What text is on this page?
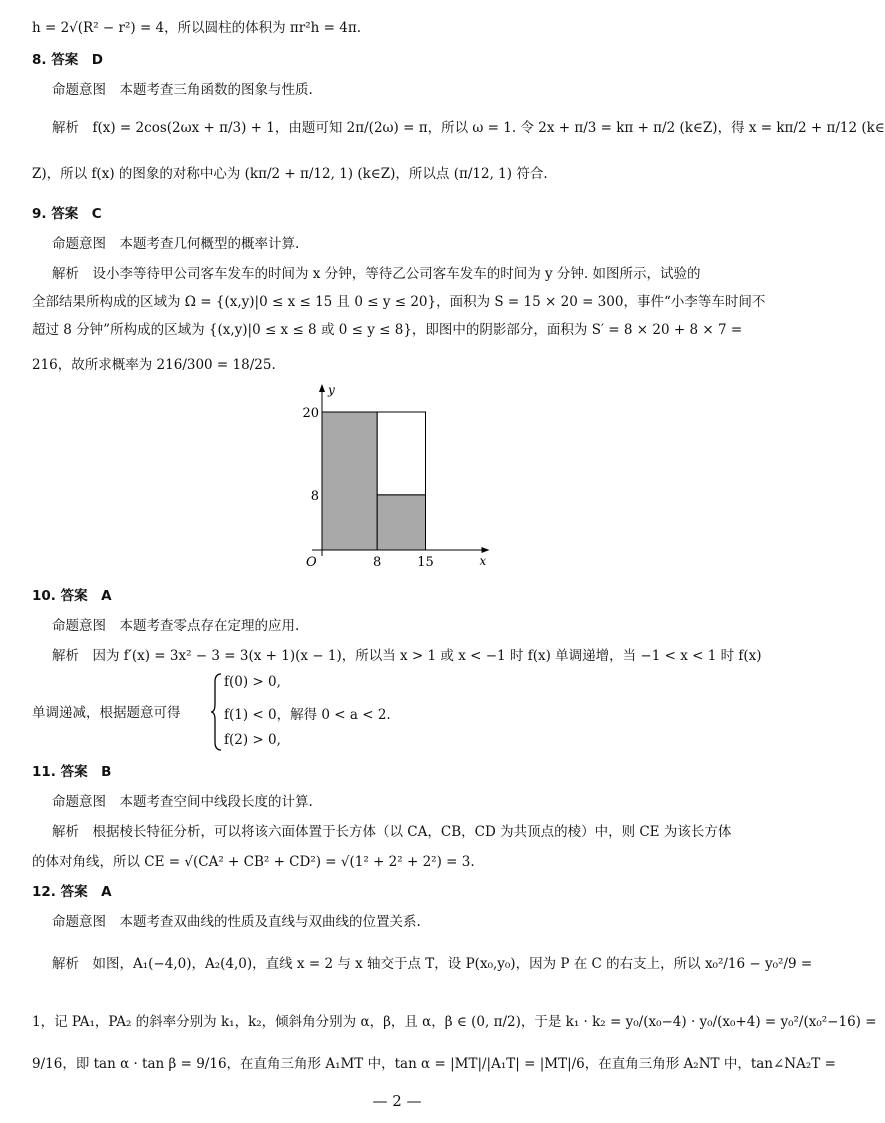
h = 2√(R² − r²) = 4，所以圆柱的体积为 πr²h = 4π.
8. 答案　D
命题意图　本题考查三角函数的图象与性质.
解析　f(x) = 2cos(2ωx + π/3) + 1，由题可知 2π/(2ω) = π，所以 ω = 1. 令 2x + π/3 = kπ + π/2 (k∈Z)，得 x = kπ/2 + π/12 (k∈
Z)，所以 f(x) 的图象的对称中心为 (kπ/2 + π/12, 1) (k∈Z)，所以点 (π/12, 1) 符合.
9. 答案　C
命题意图　本题考查几何概型的概率计算.
解析　设小李等待甲公司客车发车的时间为 x 分钟，等待乙公司客车发车的时间为 y 分钟. 如图所示，试验的
全部结果所构成的区域为 Ω = {(x,y)|0 ≤ x ≤ 15 且 0 ≤ y ≤ 20}，面积为 S = 15 × 20 = 300，事件“小李等车时间不
超过 8 分钟”所构成的区域为 {(x,y)|0 ≤ x ≤ 8 或 0 ≤ y ≤ 8}，即图中的阴影部分，面积为 S′ = 8 × 20 + 8 × 7 =
216，故所求概率为 216/300 = 18/25.
x
y
O	8	15
8
20
10. 答案　A
命题意图　本题考查零点存在定理的应用.
解析　因为 f′(x) = 3x² − 3 = 3(x + 1)(x − 1)，所以当 x > 1 或 x < −1 时 f(x) 单调递增，当 −1 < x < 1 时 f(x)
单调递减，根据题意可得
f(0) > 0,
f(1) < 0，解得 0 < a < 2.
f(2) > 0,
11. 答案　B
命题意图　本题考查空间中线段长度的计算.
解析　根据棱长特征分析，可以将该六面体置于长方体（以 CA，CB，CD 为共顶点的棱）中，则 CE 为该长方体
的体对角线，所以 CE = √(CA² + CB² + CD²) = √(1² + 2² + 2²) = 3.
12. 答案　A
命题意图　本题考查双曲线的性质及直线与双曲线的位置关系.
解析　如图，A₁(−4,0)，A₂(4,0)，直线 x = 2 与 x 轴交于点 T，设 P(x₀,y₀)，因为 P 在 C 的右支上，所以 x₀²/16 − y₀²/9 =
1，记 PA₁，PA₂ 的斜率分别为 k₁，k₂，倾斜角分别为 α，β，且 α，β ∈ (0, π/2)，于是 k₁ · k₂ = y₀/(x₀−4) · y₀/(x₀+4) = y₀²/(x₀²−16) =
9/16，即 tan α · tan β = 9/16，在直角三角形 A₁MT 中，tan α = |MT|/|A₁T| = |MT|/6，在直角三角形 A₂NT 中，tan∠NA₂T =
— 2 —
